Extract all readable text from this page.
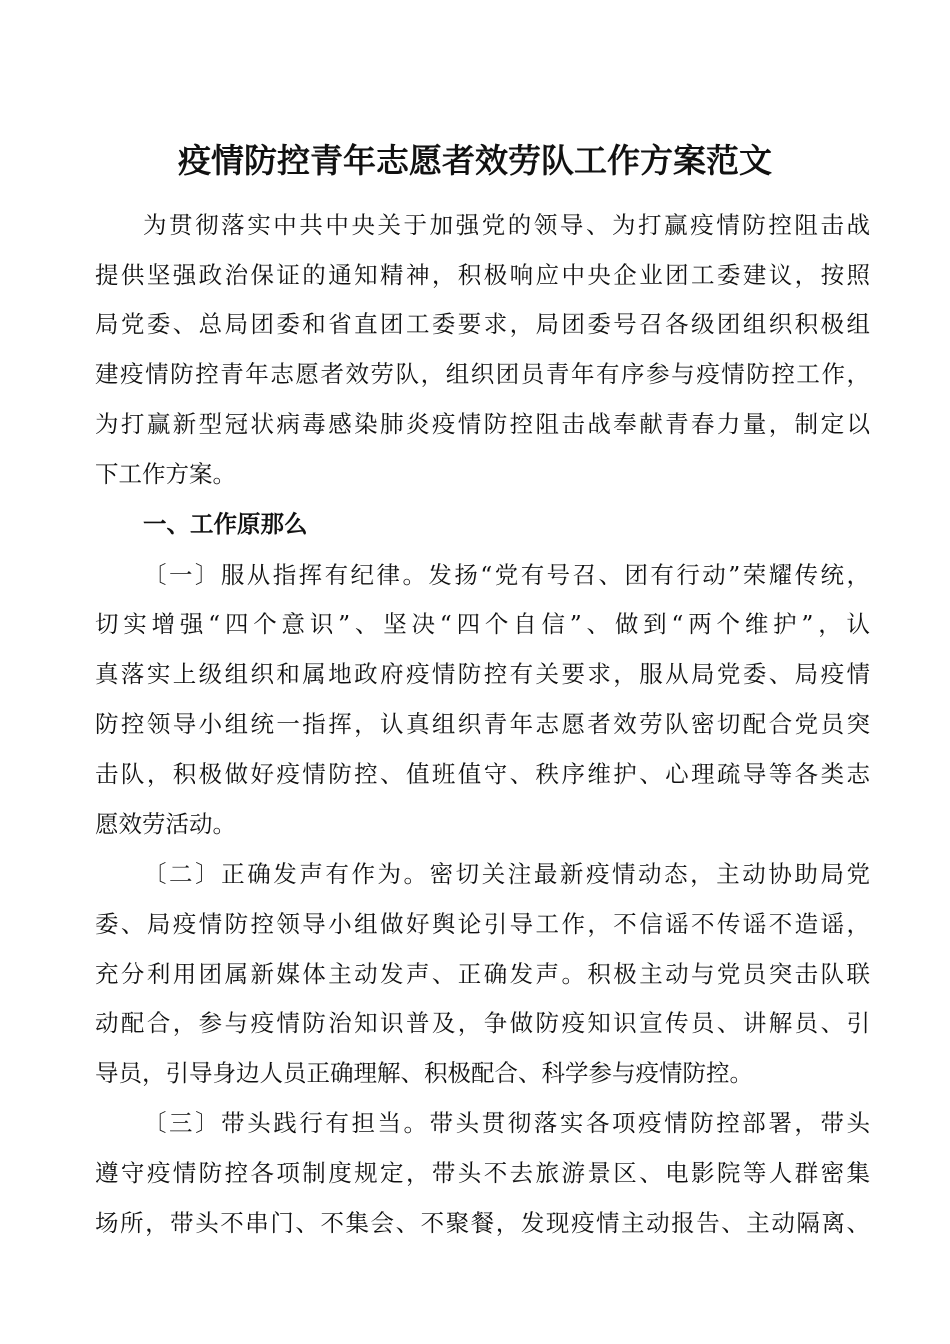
疫情防控青年志愿者效劳队工作方案范文
为贯彻落实中共中央关于加强党的领导、为打赢疫情防控阻击战
提供坚强政治保证的通知精神，积极响应中央企业团工委建议，按照
局党委、总局团委和省直团工委要求，局团委号召各级团组织积极组
建疫情防控青年志愿者效劳队，组织团员青年有序参与疫情防控工作，
为打赢新型冠状病毒感染肺炎疫情防控阻击战奉献青春力量，制定以
下工作方案。
一、工作原那么
〔一〕服从指挥有纪律。发扬“党有号召、团有行动”荣耀传统，
切实增强“四个意识”、坚决“四个自信”、做到“两个维护”，认
真落实上级组织和属地政府疫情防控有关要求，服从局党委、局疫情
防控领导小组统一指挥，认真组织青年志愿者效劳队密切配合党员突
击队，积极做好疫情防控、值班值守、秩序维护、心理疏导等各类志
愿效劳活动。
〔二〕正确发声有作为。密切关注最新疫情动态，主动协助局党
委、局疫情防控领导小组做好舆论引导工作，不信谣不传谣不造谣，
充分利用团属新媒体主动发声、正确发声。积极主动与党员突击队联
动配合，参与疫情防治知识普及，争做防疫知识宣传员、讲解员、引
导员，引导身边人员正确理解、积极配合、科学参与疫情防控。
〔三〕带头践行有担当。带头贯彻落实各项疫情防控部署，带头
遵守疫情防控各项制度规定，带头不去旅游景区、电影院等人群密集
场所，带头不串门、不集会、不聚餐，发现疫情主动报告、主动隔离、
